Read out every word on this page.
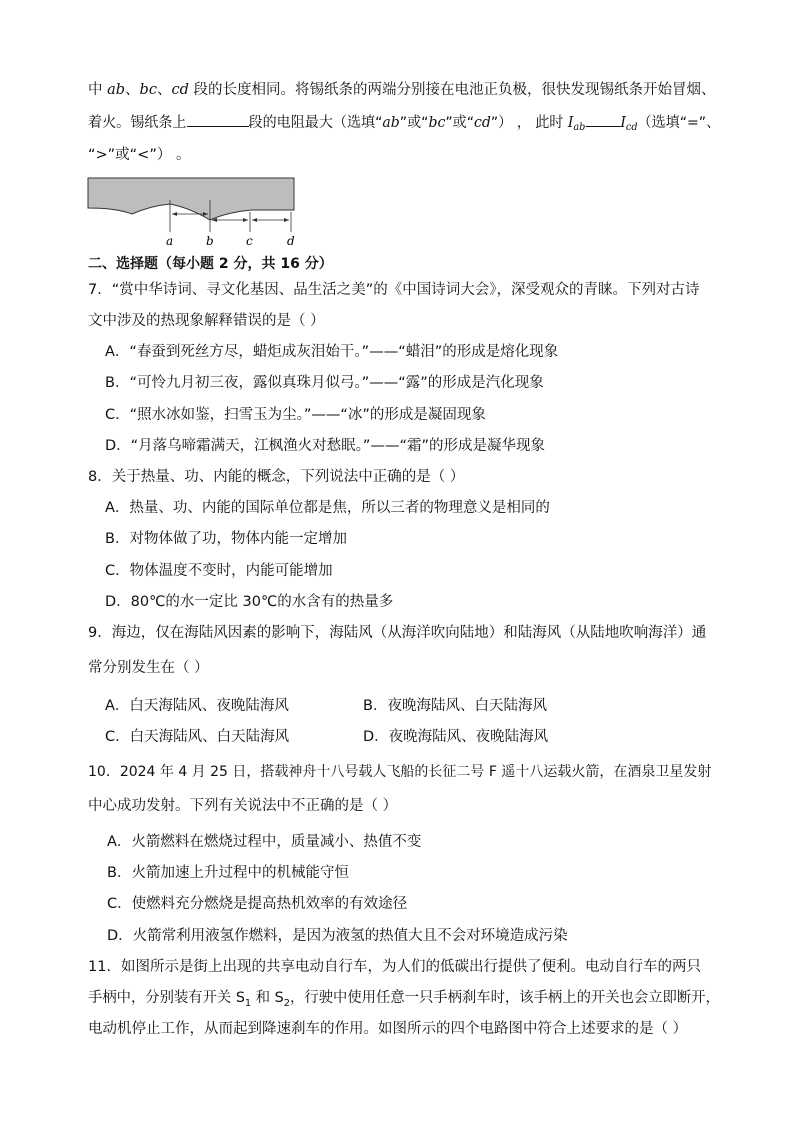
中 ab、bc、cd 段的长度相同。将锡纸条的两端分别接在电池正负极，很快发现锡纸条开始冒烟、
着火。锡纸条上	段的电阻最大（选填“ab”或“bc”或“cd”） ， 此时 $I_{ab}$ $I_{cd}$（选填“=”、
“>”或“<”） 。
a	b	c	d
二、选择题（每小题 2 分，共 16 分）
7．“赏中华诗词、寻文化基因、品生活之美”的《中国诗词大会》，深受观众的青睐。下列对古诗
文中涉及的热现象解释错误的是（ ）
A．“春蚕到死丝方尽，蜡炬成灰泪始干。”——“蜡泪”的形成是熔化现象
B．“可怜九月初三夜，露似真珠月似弓。”——“露”的形成是汽化现象
C．“照水冰如鉴，扫雪玉为尘。”——“冰”的形成是凝固现象
D．“月落乌啼霜满天，江枫渔火对愁眠。”——“霜”的形成是凝华现象
8．关于热量、功、内能的概念，下列说法中正确的是（ ）
A．热量、功、内能的国际单位都是焦，所以三者的物理意义是相同的
B．对物体做了功，物体内能一定增加
C．物体温度不变时，内能可能增加
D．80℃的水一定比 30℃的水含有的热量多
9．海边，仅在海陆风因素的影响下，海陆风（从海洋吹向陆地）和陆海风（从陆地吹响海洋）通
常分别发生在（ ）
A．白天海陆风、夜晚陆海风	B．夜晚海陆风、白天陆海风
C．白天海陆风、白天陆海风	D．夜晚海陆风、夜晚陆海风
10．2024 年 4 月 25 日，搭载神舟十八号载人飞船的长征二号 F 遥十八运载火箭，在酒泉卫星发射
中心成功发射。下列有关说法中不正确的是（ ）
A．火箭燃料在燃烧过程中，质量减小、热值不变
B．火箭加速上升过程中的机械能守恒
C．使燃料充分燃烧是提高热机效率的有效途径
D．火箭常利用液氢作燃料，是因为液氢的热值大且不会对环境造成污染
11．如图所示是街上出现的共享电动自行车，为人们的低碳出行提供了便利。电动自行车的两只
手柄中，分别装有开关 $S_1$ 和 $S_2$，行驶中使用任意一只手柄刹车时，该手柄上的开关也会立即断开，
电动机停止工作，从而起到降速刹车的作用。如图所示的四个电路图中符合上述要求的是（ ）
